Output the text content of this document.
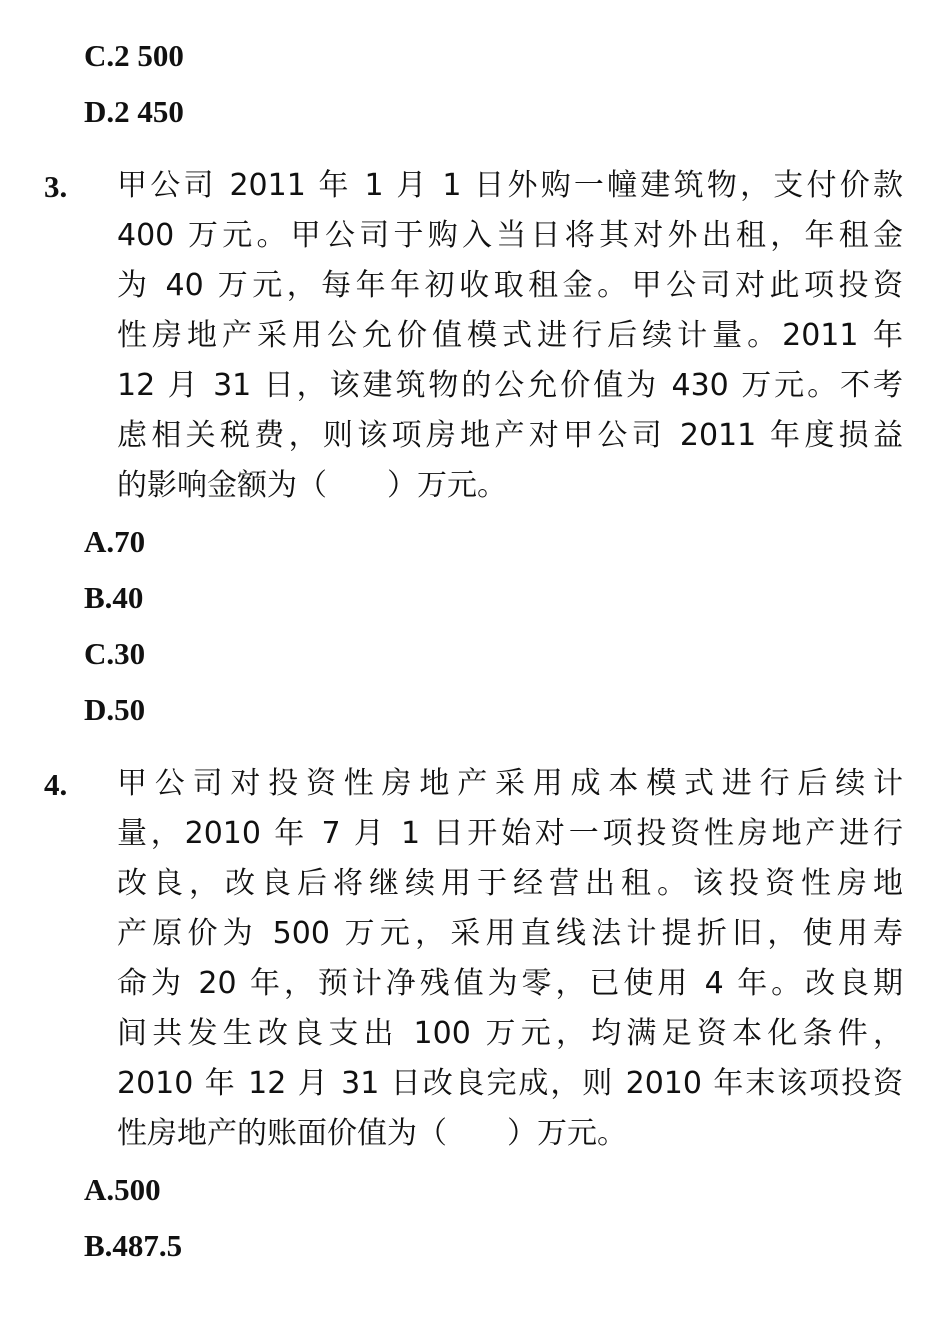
C.2 500
D.2 450
3. 甲公司 2011 年 1 月 1 日外购一幢建筑物，支付价款
400 万元。甲公司于购入当日将其对外出租，年租金
为 40 万元，每年年初收取租金。甲公司对此项投资
性房地产采用公允价值模式进行后续计量。2011 年
12 月 31 日，该建筑物的公允价值为 430 万元。不考
虑相关税费，则该项房地产对甲公司 2011 年度损益
的影响金额为（　　）万元。
A.70
B.40
C.30
D.50
4. 甲公司对投资性房地产采用成本模式进行后续计
量，2010 年 7 月 1 日开始对一项投资性房地产进行
改良，改良后将继续用于经营出租。该投资性房地
产原价为 500 万元，采用直线法计提折旧，使用寿
命为 20 年，预计净残值为零，已使用 4 年。改良期
间共发生改良支出 100 万元，均满足资本化条件，
2010 年 12 月 31 日改良完成，则 2010 年末该项投资
性房地产的账面价值为（　　）万元。
A.500
B.487.5
